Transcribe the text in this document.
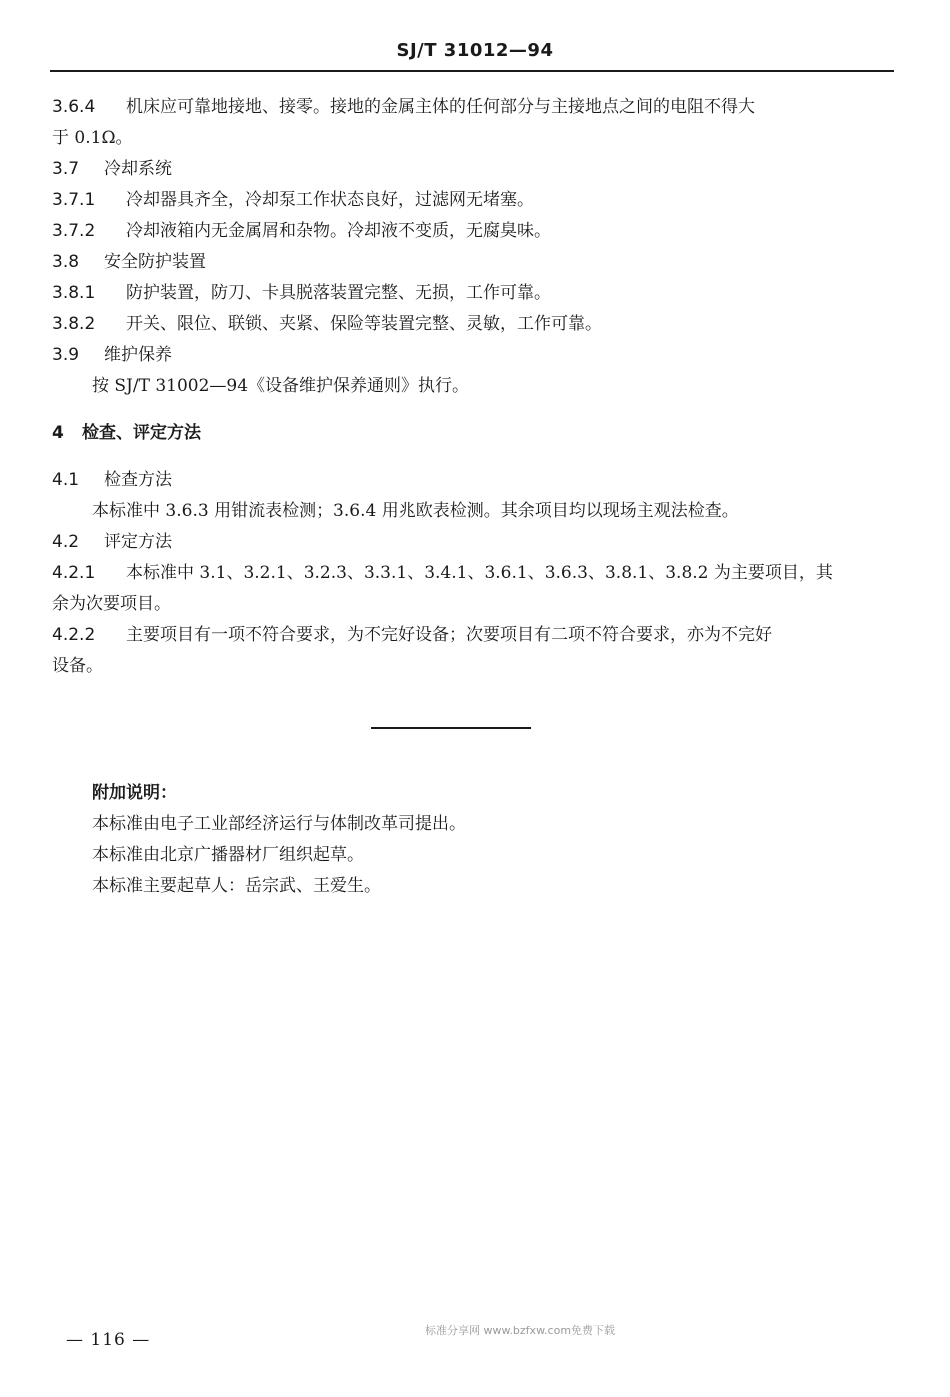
SJ/T 31012—94

3.6.4 机床应可靠地接地、接零。接地的金属主体的任何部分与主接地点之间的电阻不得大

于 0.1Ω。

3.7 冷却系统

3.7.1 冷却器具齐全，冷却泵工作状态良好，过滤网无堵塞。

3.7.2 冷却液箱内无金属屑和杂物。冷却液不变质，无腐臭味。

3.8 安全防护装置

3.8.1 防护装置，防刀、卡具脱落装置完整、无损，工作可靠。

3.8.2 开关、限位、联锁、夹紧、保险等装置完整、灵敏，工作可靠。

3.9 维护保养

按 SJ/T 31002—94《设备维护保养通则》执行。

4 检查、评定方法

4.1 检查方法

本标准中 3.6.3 用钳流表检测；3.6.4 用兆欧表检测。其余项目均以现场主观法检查。

4.2 评定方法

4.2.1 本标准中 3.1、3.2.1、3.2.3、3.3.1、3.4.1、3.6.1、3.6.3、3.8.1、3.8.2 为主要项目，其

余为次要项目。

4.2.2 主要项目有一项不符合要求，为不完好设备；次要项目有二项不符合要求，亦为不完好

设备。

附加说明：

本标准由电子工业部经济运行与体制改革司提出。

本标准由北京广播器材厂组织起草。

本标准主要起草人：岳宗武、王爱生。

— 116 —	标准分享网 www.bzfxw.com免费下载
